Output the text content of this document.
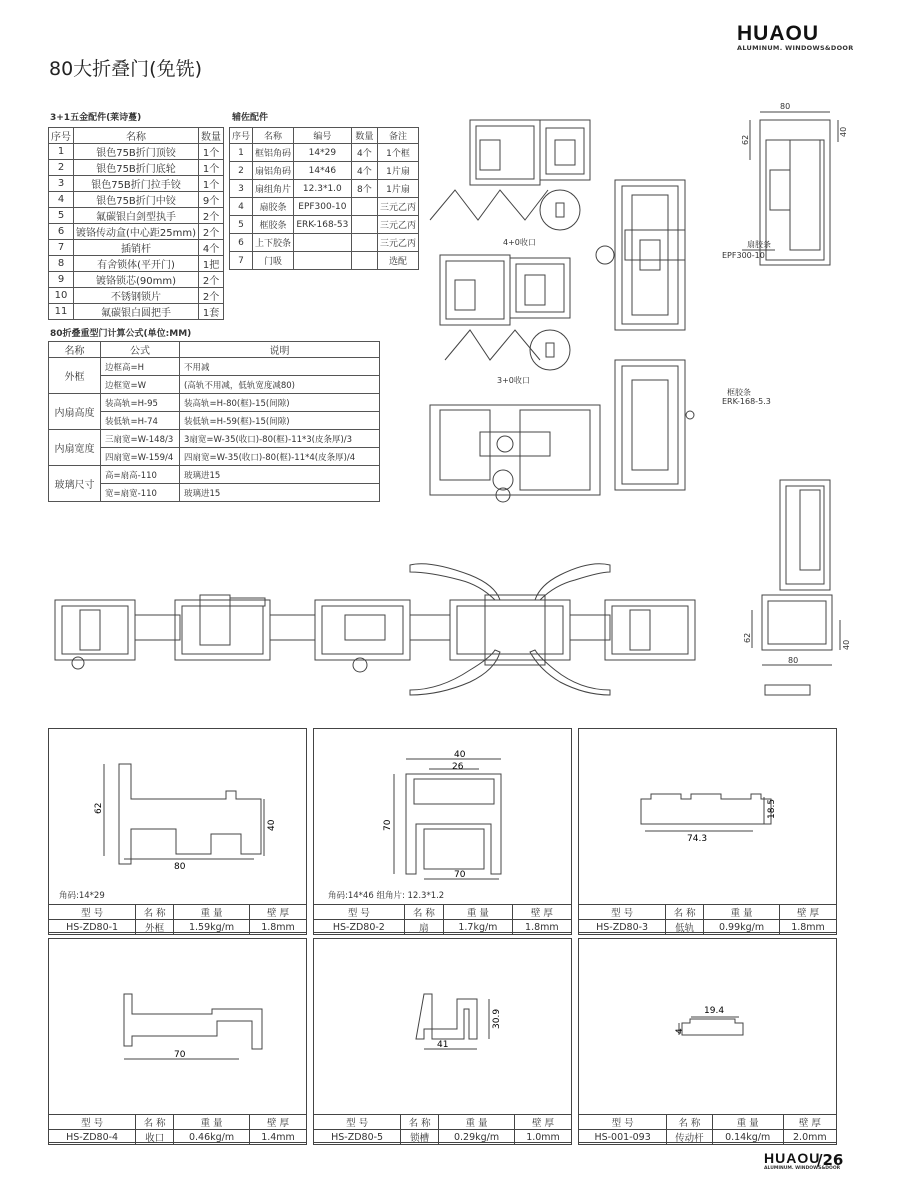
HUAOU
ALUMINUM. WINDOWS&DOOR
80大折叠门(免铣)
3+1五金配件(莱诗蔓)
序号	名称	数量
1	银色75B折门顶铰	1个
2	银色75B折门底轮	1个
3	银色75B折门拉手铰	1个
4	银色75B折门中铰	9个
5	氟碳银白剑型执手	2个
6	镀铬传动盒(中心距25mm)	2个
7	插销杆	4个
8	有舍锁体(平开门)	1把
9	镀铬锁芯(90mm)	2个
10	不锈钢锁片	2个
11	氟碳银白圆把手	1套
辅佐配件
序号	名称	编号	数量	备注
1	框铝角码	14*29	4个	1个框
2	扇铝角码	14*46	4个	1片扇
3	扇组角片	12.3*1.0	8个	1片扇
4	扇胶条	EPF300-10		三元乙丙
5	框胶条	ERK-168-53		三元乙丙
6	上下胶条			三元乙丙
7	门吸			选配
80折叠重型门计算公式(单位:MM)
名称	公式	说明
外框	边框高=H	不用减
	边框宽=W	(高轨不用减，低轨宽度减80)
内扇高度	装高轨=H-95	装高轨=H-80(框)-15(间隙)
	装低轨=H-74	装低轨=H-59(框)-15(间隙)
内扇宽度	三扇宽=W-148/3	3扇宽=W-35(收口)-80(框)-11*3(皮条厚)/3
	四扇宽=W-159/4	四扇宽=W-35(收口)-80(框)-11*4(皮条厚)/4
玻璃尺寸	高=扇高-110	玻璃进15
	宽=扇宽-110	玻璃进15
4+0收口
3+0收口
扇胶条
EPF300-10
框胶条
ERK-168-5.3
80
62
40
80
62
40
62
40
80
角码:14*29
型 号	名 称	重 量	壁 厚
HS-ZD80-1	外框	1.59kg/m	1.8mm
40
26
70
70
角码:14*46 组角片: 12.3*1.2
型 号	名 称	重 量	壁 厚
HS-ZD80-2	扇	1.7kg/m	1.8mm
18.5
74.3
型 号	名 称	重 量	壁 厚
HS-ZD80-3	低轨	0.99kg/m	1.8mm
70
型 号	名 称	重 量	壁 厚
HS-ZD80-4	收口	0.46kg/m	1.4mm
30.9
41
型 号	名 称	重 量	壁 厚
HS-ZD80-5	锁槽	0.29kg/m	1.0mm
19.4
4
型 号	名 称	重 量	壁 厚
HS-001-093	传动杆	0.14kg/m	2.0mm
HUAOU
ALUMINUM. WINDOWS&DOOR
/26
